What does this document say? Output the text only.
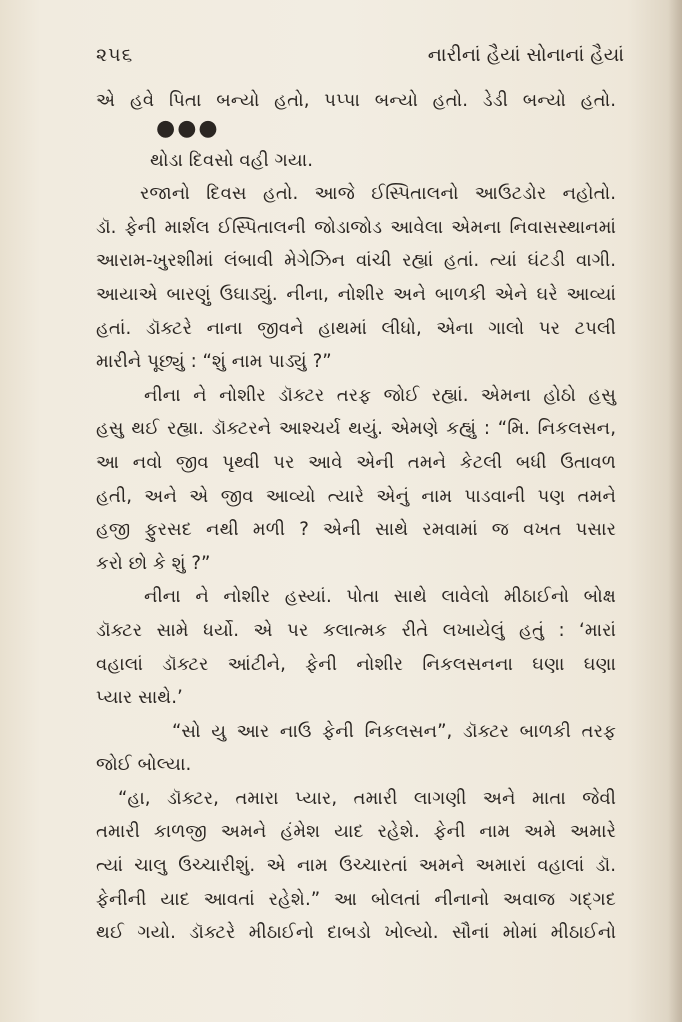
૨૫૬	નારીનાં હૈયાં સોનાનાં હૈયાં
એ હવે પિતા બન્યો હતો, પપ્પા બન્યો હતો. ડેડી બન્યો હતો.
●●●
થોડા દિવસો વહી ગયા.
રજાનો દિવસ હતો. આજે ઈસ્પિતાલનો આઉટડોર નહોતો.
ડૉ. ફેની માર્શલ ઈસ્પિતાલની જોડાજોડ આવેલા એમના નિવાસસ્થાનમાં
આરામ-ખુરશીમાં લંબાવી મેગેઝિન વાંચી રહ્યાં હતાં. ત્યાં ઘંટડી વાગી.
આયાએ બારણું ઉઘાડ્યું. નીના, નોશીર અને બાળકી એને ઘરે આવ્યાં
હતાં. ડૉક્ટરે નાના જીવને હાથમાં લીધો, એના ગાલો પર ટપલી
મારીને પૂછ્યું : “શું નામ પાડ્યું ?”
નીના ને નોશીર ડૉક્ટર તરફ જોઈ રહ્યાં. એમના હોઠો હસુ
હસુ થઈ રહ્યા. ડૉક્ટરને આશ્ચર્ય થયું. એમણે કહ્યું : “મિ. નિકલસન,
આ નવો જીવ પૃથ્વી પર આવે એની તમને કેટલી બધી ઉતાવળ
હતી, અને એ જીવ આવ્યો ત્યારે એનું નામ પાડવાની પણ તમને
હજી ફુરસદ નથી મળી ? એની સાથે રમવામાં જ વખત પસાર
કરો છો કે શું ?”
નીના ને નોશીર હસ્યાં. પોતા સાથે લાવેલો મીઠાઈનો બોક્ષ
ડૉક્ટર સામે ધર્યો. એ પર કલાત્મક રીતે લખાયેલું હતું : ‘મારાં
વહાલાં ડૉક્ટર આંટીને, ફેની નોશીર નિકલસનના ઘણા ઘણા
પ્યાર સાથે.’
“સો યુ આર નાઉ ફેની નિકલસન”, ડૉક્ટર બાળકી તરફ
જોઈ બોલ્યા.
“હા, ડૉક્ટર, તમારા પ્યાર, તમારી લાગણી અને માતા જેવી
તમારી કાળજી અમને હંમેશ યાદ રહેશે. ફેની નામ અમે અમારે
ત્યાં ચાલુ ઉચ્ચારીશું. એ નામ ઉચ્ચારતાં અમને અમારાં વહાલાં ડૉ.
ફેનીની યાદ આવતાં રહેશે.” આ બોલતાં નીનાનો અવાજ ગદ્ગદ
થઈ ગયો. ડૉક્ટરે મીઠાઈનો દાબડો ખોલ્યો. સૌનાં મોમાં મીઠાઈનો
